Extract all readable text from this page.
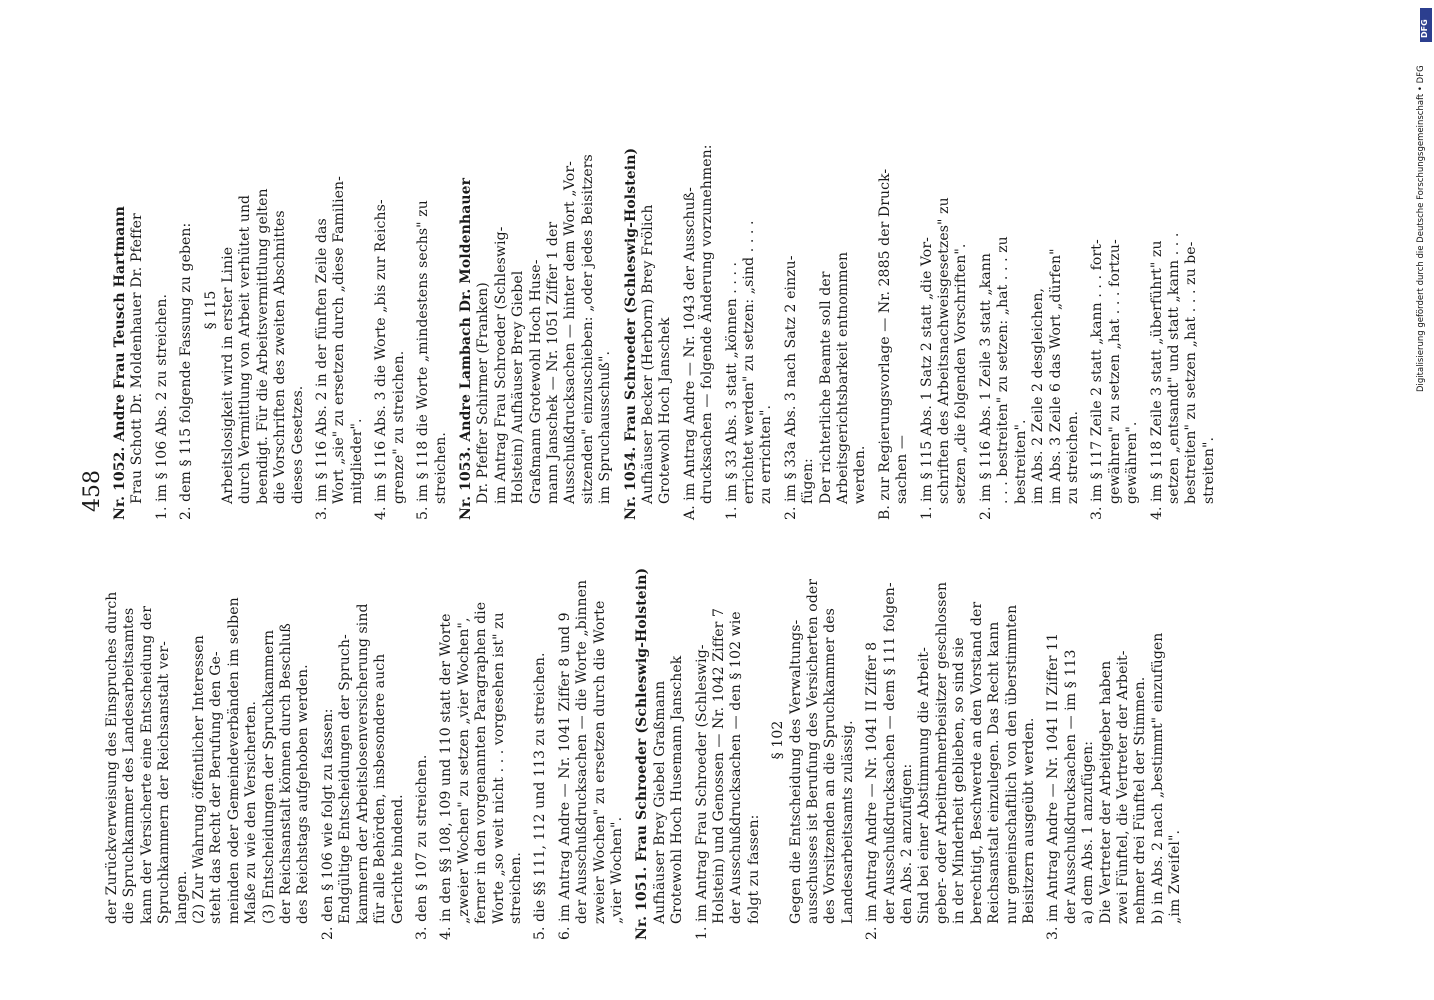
458

der Zurückverweisung des Einspruches durch die Spruchkammer des Landesarbeitsamtes kann der Versicherte eine Entscheidung der Spruchkammern der Reichsanstalt ver- langen. (2) Zur Wahrung öffentlicher Interessen steht das Recht der Berufung den Ge- meinden oder Gemeindeverbänden im selben Maße zu wie den Versicherten. (3) Entscheidungen der Spruchkammern der Reichsanstalt können durch Beschluß des Reichstags aufgehoben werden. 2. den § 106 wie folgt zu fassen: Endgültige Entscheidungen der Spruch- kammern der Arbeitslosenversicherung sind für alle Behörden, insbesondere auch Gerichte bindend. 3. den § 107 zu streichen. 4. in den §§ 108, 109 und 110 statt der Worte „zweier Wochen" zu setzen „vier Wochen", ferner in den vorgenannten Paragraphen die Worte „so weit nicht . . . vorgesehen ist" zu streichen. 5. die §§ 111, 112 und 113 zu streichen. 6. im Antrag Andre — Nr. 1041 Ziffer 8 und 9 der Ausschußdrucksachen — die Worte „binnen zweier Wochen" zu ersetzen durch die Worte „vier Wochen". Nr. 1051. Frau Schroeder (Schleswig-Holstein) Aufhäuser Brey Giebel Graßmann Grotewohl Hoch Husemann Janschek 1. im Antrag Frau Schroeder (Schleswig- Holstein) und Genossen — Nr. 1042 Ziffer 7 der Ausschußdrucksachen — den § 102 wie folgt zu fassen:

§ 102 Gegen die Entscheidung des Verwaltungs- ausschusses ist Berufung des Versicherten oder des Vorsitzenden an die Spruchkammer des Landesarbeitsamts zulässig. 2. im Antrag Andre — Nr. 1041 II Ziffer 8 der Ausschußdrucksachen — dem § 111 folgen- den Abs. 2 anzufügen: Sind bei einer Abstimmung die Arbeit- geber- oder Arbeitnehmerbeisitzer geschlossen in der Minderheit geblieben, so sind sie berechtigt, Beschwerde an den Vorstand der Reichsanstalt einzulegen. Das Recht kann nur gemeinschaftlich von den überstimmten Beisitzern ausgeübt werden. 3. im Antrag Andre — Nr. 1041 II Ziffer 11 der Ausschußdrucksachen — im § 113 a) dem Abs. 1 anzufügen: Die Vertreter der Arbeitgeber haben zwei Fünftel, die Vertreter der Arbeit- nehmer drei Fünftel der Stimmen. b) in Abs. 2 nach „bestimmt" einzufügen „im Zweifel".

Nr. 1052. Andre Frau Teusch Hartmann Frau Schott Dr. Moldenhauer Dr. Pfeffer 1. im § 106 Abs. 2 zu streichen. 2. dem § 115 folgende Fassung zu geben: § 115 Arbeitslosigkeit wird in erster Linie durch Vermittlung von Arbeit verhütet und beendigt. Für die Arbeitsvermittlung gelten die Vorschriften des zweiten Abschnittes dieses Gesetzes. 3. im § 116 Abs. 2 in der fünften Zeile das Wort „sie" zu ersetzen durch „diese Familien- mitglieder". 4. im § 116 Abs. 3 die Worte „bis zur Reichs- grenze" zu streichen. 5. im § 118 die Worte „mindestens sechs" zu streichen. Nr. 1053. Andre Lambach Dr. Moldenhauer Dr. Pfeffer Schirmer (Franken) im Antrag Frau Schroeder (Schleswig- Holstein) Aufhäuser Brey Giebel Graßmann Grotewohl Hoch Huse- mann Janschek — Nr. 1051 Ziffer 1 der Ausschußdrucksachen — hinter dem Wort „Vor- sitzenden" einzuschieben: „oder jedes Beisitzers im Spruchausschuß". Nr. 1054. Frau Schroeder (Schleswig-Holstein) Aufhäuser Becker (Herborn) Brey Frölich Grotewohl Hoch Janschek A. im Antrag Andre — Nr. 1043 der Ausschuß- drucksachen — folgende Änderung vorzunehmen: 1. im § 33 Abs. 3 statt „können . . . . errichtet werden" zu setzen: „sind . . . . zu errichten". 2. im § 33a Abs. 3 nach Satz 2 einzu- fügen: Der richterliche Beamte soll der Arbeitsgerichtsbarkeit entnommen werden. B. zur Regierungsvorlage — Nr. 2885 der Druck- sachen — 1. im § 115 Abs. 1 Satz 2 statt „die Vor- schriften des Arbeitsnachweisgesetzes" zu setzen „die folgenden Vorschriften". 2. im § 116 Abs. 1 Zeile 3 statt „kann . . . bestreiten" zu setzen: „hat . . . zu bestreiten". im Abs. 2 Zeile 2 desgleichen, im Abs. 3 Zeile 6 das Wort „dürfen" zu streichen. 3. im § 117 Zeile 2 statt „kann . . . fort- gewähren" zu setzen „hat . . . fortzu- gewähren". 4. im § 118 Zeile 3 statt „überführt" zu setzen „entsandt" und statt „kann . . . bestreiten" zu setzen „hat . . . zu be- streiten".

DFG
Digitalisierung gefördert durch die Deutsche Forschungsgemeinschaft • DFG
